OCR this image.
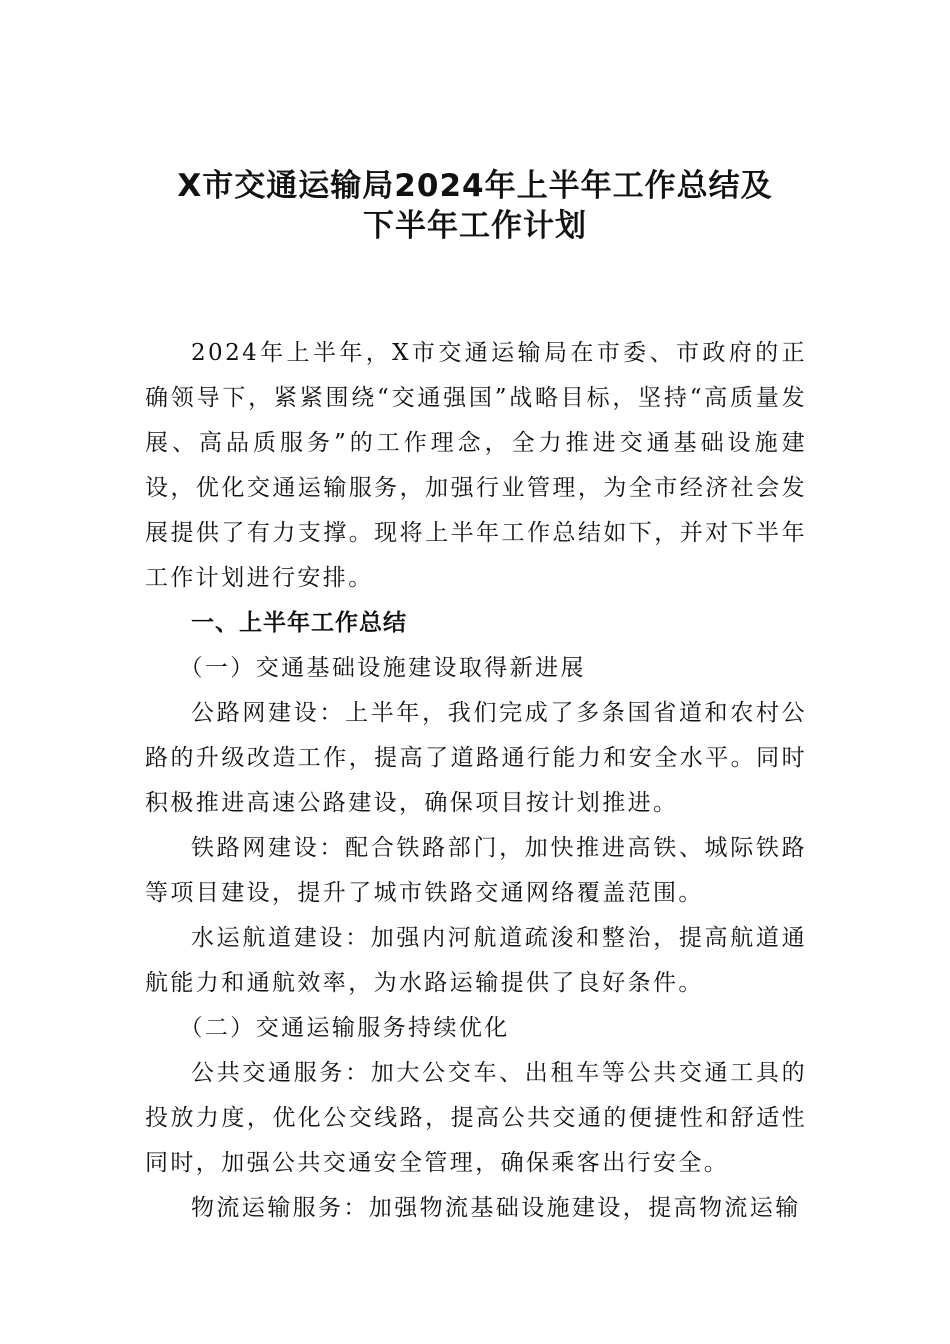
X市交通运输局2024年上半年工作总结及
下半年工作计划

2024年上半年，X市交通运输局在市委、市政府的正确领导下，紧紧围绕“交通强国”战略目标，坚持“高质量发展、高品质服务”的工作理念，全力推进交通基础设施建设，优化交通运输服务，加强行业管理，为全市经济社会发展提供了有力支撑。现将上半年工作总结如下，并对下半年工作计划进行安排。

一、上半年工作总结

（一）交通基础设施建设取得新进展

公路网建设：上半年，我们完成了多条国省道和农村公路的升级改造工作，提高了道路通行能力和安全水平。同时积极推进高速公路建设，确保项目按计划推进。

铁路网建设：配合铁路部门，加快推进高铁、城际铁路等项目建设，提升了城市铁路交通网络覆盖范围。

水运航道建设：加强内河航道疏浚和整治，提高航道通航能力和通航效率，为水路运输提供了良好条件。

（二）交通运输服务持续优化

公共交通服务：加大公交车、出租车等公共交通工具的投放力度，优化公交线路，提高公共交通的便捷性和舒适性同时，加强公共交通安全管理，确保乘客出行安全。

物流运输服务：加强物流基础设施建设，提高物流运输
